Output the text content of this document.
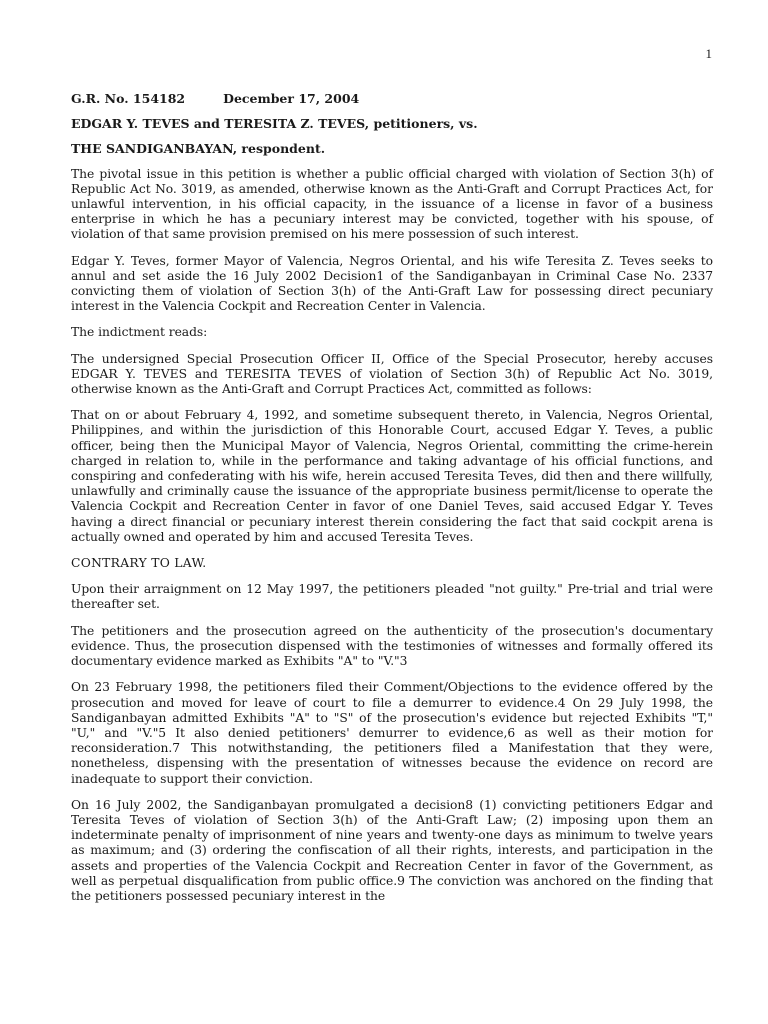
1

G.R. No. 154182	December 17, 2004

EDGAR Y. TEVES and TERESITA Z. TEVES, petitioners, vs.

THE SANDIGANBAYAN, respondent.

The pivotal issue in this petition is whether a public official charged with violation of Section 3(h) of Republic Act No. 3019, as amended, otherwise known as the Anti-Graft and Corrupt Practices Act, for unlawful intervention, in his official capacity, in the issuance of a license in favor of a business enterprise in which he has a pecuniary interest may be convicted, together with his spouse, of violation of that same provision premised on his mere possession of such interest.

Edgar Y. Teves, former Mayor of Valencia, Negros Oriental, and his wife Teresita Z. Teves seeks to annul and set aside the 16 July 2002 Decision1 of the Sandiganbayan in Criminal Case No. 2337 convicting them of violation of Section 3(h) of the Anti-Graft Law for possessing direct pecuniary interest in the Valencia Cockpit and Recreation Center in Valencia.

The indictment reads:

The undersigned Special Prosecution Officer II, Office of the Special Prosecutor, hereby accuses EDGAR Y. TEVES and TERESITA TEVES of violation of Section 3(h) of Republic Act No. 3019, otherwise known as the Anti-Graft and Corrupt Practices Act, committed as follows:

That on or about February 4, 1992, and sometime subsequent thereto, in Valencia, Negros Oriental, Philippines, and within the jurisdiction of this Honorable Court, accused Edgar Y. Teves, a public officer, being then the Municipal Mayor of Valencia, Negros Oriental, committing the crime-herein charged in relation to, while in the performance and taking advantage of his official functions, and conspiring and confederating with his wife, herein accused Teresita Teves, did then and there willfully, unlawfully and criminally cause the issuance of the appropriate business permit/license to operate the Valencia Cockpit and Recreation Center in favor of one Daniel Teves, said accused Edgar Y. Teves having a direct financial or pecuniary interest therein considering the fact that said cockpit arena is actually owned and operated by him and accused Teresita Teves.

CONTRARY TO LAW.

Upon their arraignment on 12 May 1997, the petitioners pleaded "not guilty." Pre-trial and trial were thereafter set.

The petitioners and the prosecution agreed on the authenticity of the prosecution's documentary evidence. Thus, the prosecution dispensed with the testimonies of witnesses and formally offered its documentary evidence marked as Exhibits "A" to "V."3

On 23 February 1998, the petitioners filed their Comment/Objections to the evidence offered by the prosecution and moved for leave of court to file a demurrer to evidence.4 On 29 July 1998, the Sandiganbayan admitted Exhibits "A" to "S" of the prosecution's evidence but rejected Exhibits "T," "U," and "V."5 It also denied petitioners' demurrer to evidence,6 as well as their motion for reconsideration.7 This notwithstanding, the petitioners filed a Manifestation that they were, nonetheless, dispensing with the presentation of witnesses because the evidence on record are inadequate to support their conviction.

On 16 July 2002, the Sandiganbayan promulgated a decision8 (1) convicting petitioners Edgar and Teresita Teves of violation of Section 3(h) of the Anti-Graft Law; (2) imposing upon them an indeterminate penalty of imprisonment of nine years and twenty-one days as minimum to twelve years as maximum; and (3) ordering the confiscation of all their rights, interests, and participation in the assets and properties of the Valencia Cockpit and Recreation Center in favor of the Government, as well as perpetual disqualification from public office.9 The conviction was anchored on the finding that the petitioners possessed pecuniary interest in the
